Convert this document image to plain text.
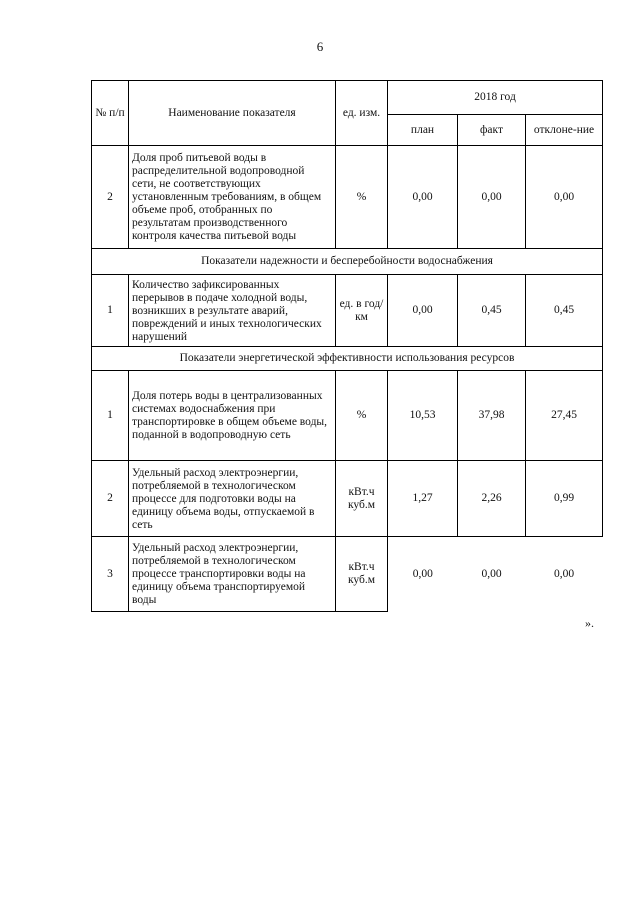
6
№ п/п	Наименование показателя	ед. изм.	2018 год		
			план	факт	отклоне-ние
2	Доля проб питьевой воды в распределительной водопроводной сети, не соответствующих установленным требованиям, в общем объеме проб, отобранных по результатам производственного контроля качества питьевой воды	%	0,00	0,00	0,00
Показатели надежности и бесперебойности водоснабжения					
1	Количество зафиксированных перерывов в подаче холодной воды, возникших в результате аварий, повреждений и иных технологических нарушений	ед. в год/ км	0,00	0,45	0,45
Показатели энергетической эффективности использования ресурсов					
1	Доля потерь воды в централизованных системах водоснабжения при транспортировке в общем объеме воды, поданной в водопроводную сеть	%	10,53	37,98	27,45
2	Удельный расход электроэнергии, потребляемой в технологическом процессе для подготовки воды на единицу объема воды, отпускаемой в сеть	кВт.ч куб.м	1,27	2,26	0,99
3	Удельный расход электроэнергии, потребляемой в технологическом процессе транспортировки воды на единицу объема транспортируемой воды	кВт.ч куб.м	0,00	0,00	0,00
».
